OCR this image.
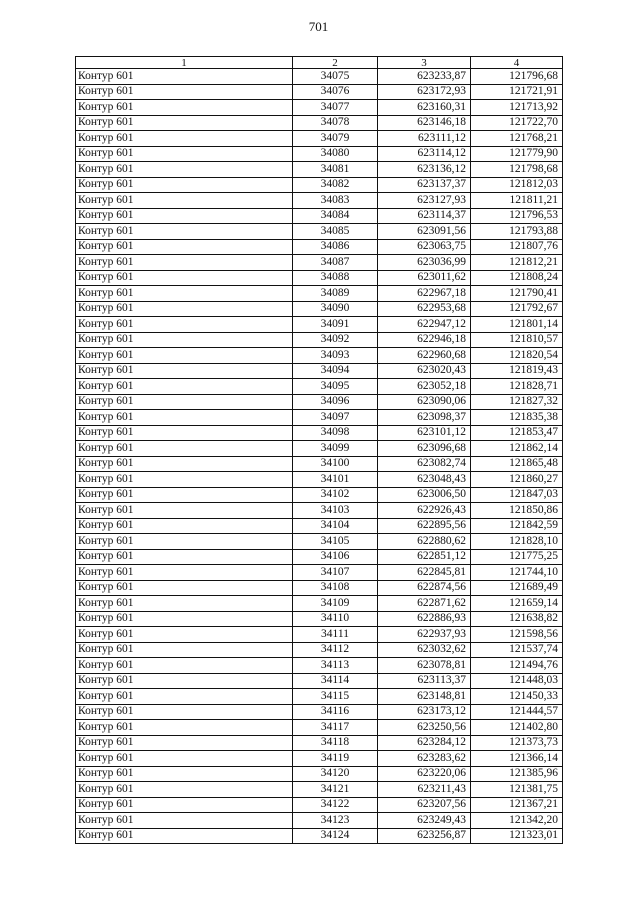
701
1	2	3	4
Контур 601	34075	623233,87	121796,68
Контур 601	34076	623172,93	121721,91
Контур 601	34077	623160,31	121713,92
Контур 601	34078	623146,18	121722,70
Контур 601	34079	623111,12	121768,21
Контур 601	34080	623114,12	121779,90
Контур 601	34081	623136,12	121798,68
Контур 601	34082	623137,37	121812,03
Контур 601	34083	623127,93	121811,21
Контур 601	34084	623114,37	121796,53
Контур 601	34085	623091,56	121793,88
Контур 601	34086	623063,75	121807,76
Контур 601	34087	623036,99	121812,21
Контур 601	34088	623011,62	121808,24
Контур 601	34089	622967,18	121790,41
Контур 601	34090	622953,68	121792,67
Контур 601	34091	622947,12	121801,14
Контур 601	34092	622946,18	121810,57
Контур 601	34093	622960,68	121820,54
Контур 601	34094	623020,43	121819,43
Контур 601	34095	623052,18	121828,71
Контур 601	34096	623090,06	121827,32
Контур 601	34097	623098,37	121835,38
Контур 601	34098	623101,12	121853,47
Контур 601	34099	623096,68	121862,14
Контур 601	34100	623082,74	121865,48
Контур 601	34101	623048,43	121860,27
Контур 601	34102	623006,50	121847,03
Контур 601	34103	622926,43	121850,86
Контур 601	34104	622895,56	121842,59
Контур 601	34105	622880,62	121828,10
Контур 601	34106	622851,12	121775,25
Контур 601	34107	622845,81	121744,10
Контур 601	34108	622874,56	121689,49
Контур 601	34109	622871,62	121659,14
Контур 601	34110	622886,93	121638,82
Контур 601	34111	622937,93	121598,56
Контур 601	34112	623032,62	121537,74
Контур 601	34113	623078,81	121494,76
Контур 601	34114	623113,37	121448,03
Контур 601	34115	623148,81	121450,33
Контур 601	34116	623173,12	121444,57
Контур 601	34117	623250,56	121402,80
Контур 601	34118	623284,12	121373,73
Контур 601	34119	623283,62	121366,14
Контур 601	34120	623220,06	121385,96
Контур 601	34121	623211,43	121381,75
Контур 601	34122	623207,56	121367,21
Контур 601	34123	623249,43	121342,20
Контур 601	34124	623256,87	121323,01
